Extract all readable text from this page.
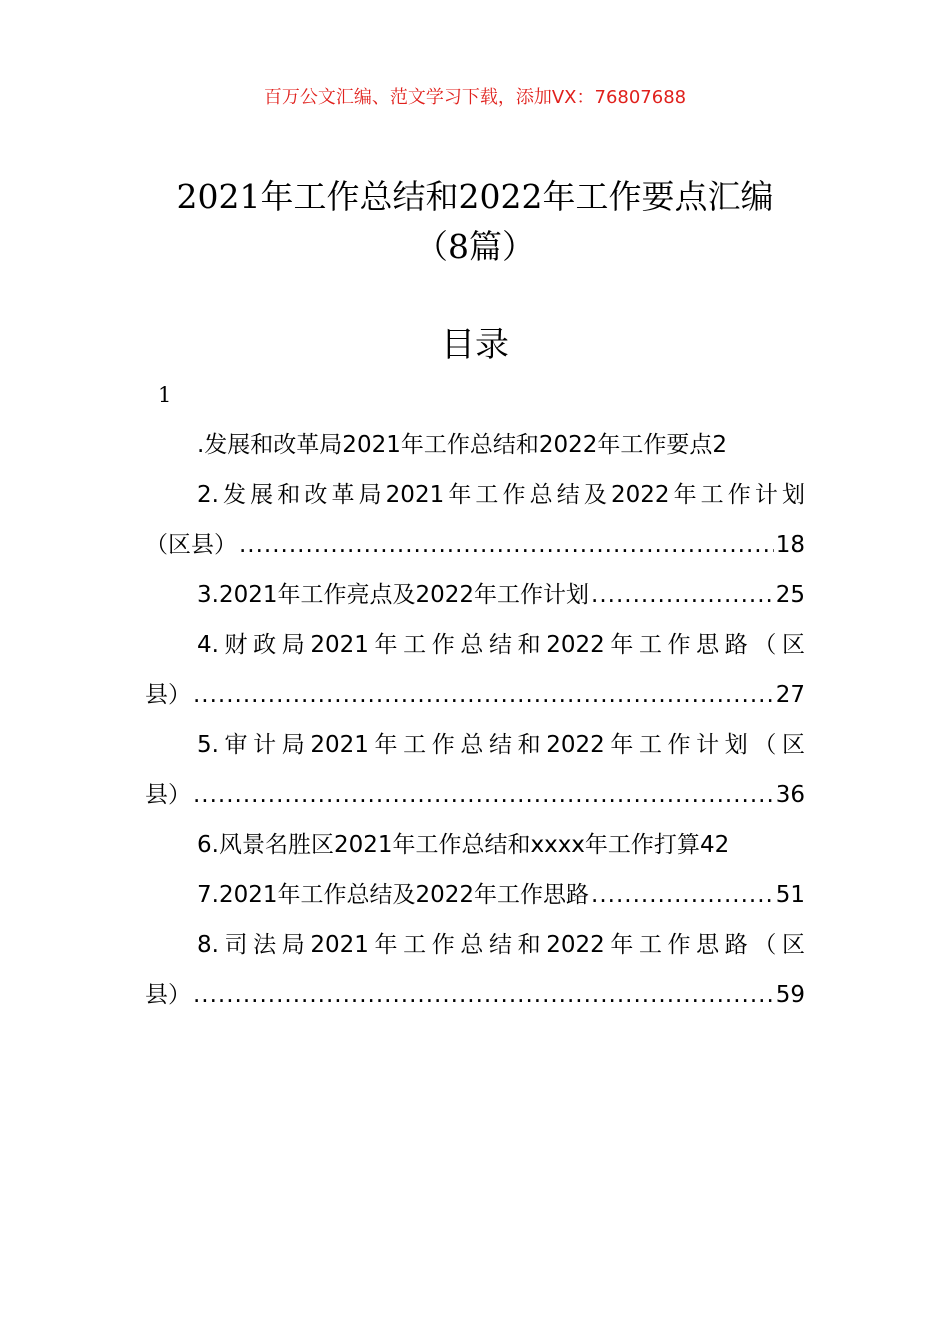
百万公文汇编、范文学习下载，添加VX：76807688
2021年工作总结和2022年工作要点汇编
（8篇）
目录
1
.发展和改革局2021年工作总结和2022年工作要点 2
2.发展和改革局2021年工作总结及2022年工作计划
（区县） .....	18
3.2021年工作亮点及2022年工作计划 .....	25
4.财政局2021年工作总结和2022年工作思路（区
县） .....	27
5.审计局2021年工作总结和2022年工作计划（区
县） .....	36
6.风景名胜区2021年工作总结和xxxx年工作打算 42
7.2021年工作总结及2022年工作思路 .....	51
8.司法局2021年工作总结和2022年工作思路（区
县） .....	59
